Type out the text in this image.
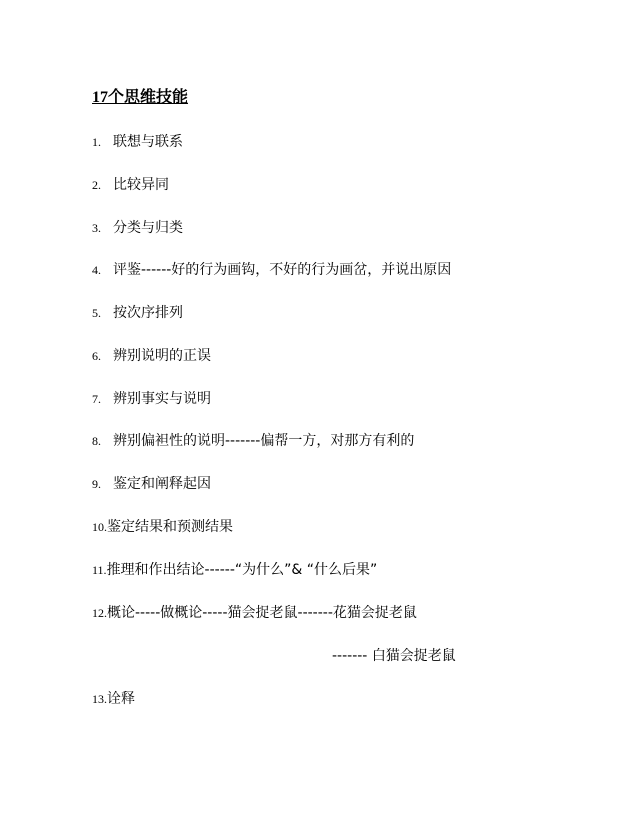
17个思维技能
1. 联想与联系
2. 比较异同
3. 分类与归类
4. 评鉴------好的行为画钩，不好的行为画岔，并说出原因
5. 按次序排列
6. 辨别说明的正误
7. 辨别事实与说明
8. 辨别偏袒性的说明-------偏帮一方，对那方有利的
9. 鉴定和阐释起因
10.鉴定结果和预测结果
11.推理和作出结论------“为什么”& “什么后果”
12.概论-----做概论-----猫会捉老鼠-------花猫会捉老鼠
------- 白猫会捉老鼠
13.诠释
